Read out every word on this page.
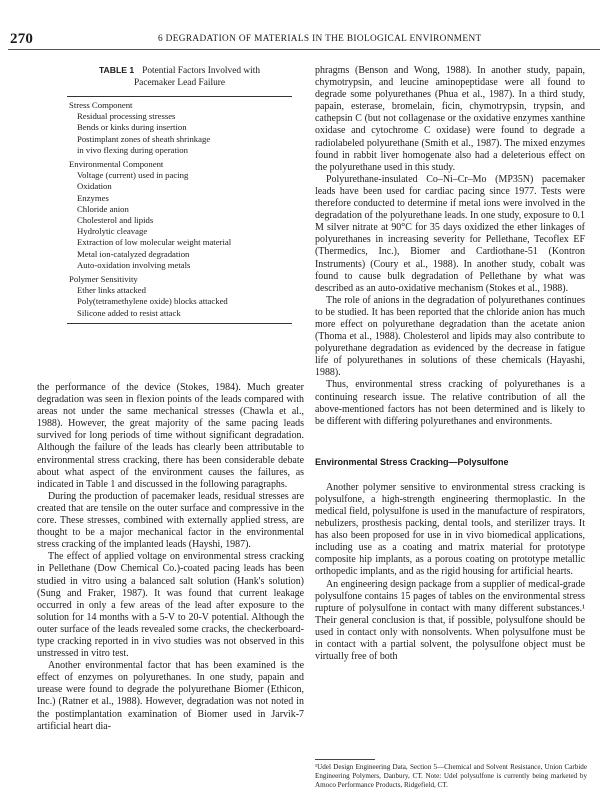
270	6 DEGRADATION OF MATERIALS IN THE BIOLOGICAL ENVIRONMENT
TABLE 1 Potential Factors Involved with
Pacemaker Lead Failure
Stress Component
Residual processing stresses
Bends or kinks during insertion
Postimplant zones of sheath shrinkage
in vivo flexing during operation
Environmental Component
Voltage (current) used in pacing
Oxidation
Enzymes
Chloride anion
Cholesterol and lipids
Hydrolytic cleavage
Extraction of low molecular weight material
Metal ion-catalyzed degradation
Auto-oxidation involving metals
Polymer Sensitivity
Ether links attacked
Poly(tetramethylene oxide) blocks attacked
Silicone added to resist attack

the performance of the device (Stokes, 1984). Much greater degradation was seen in flexion points of the leads compared with areas not under the same mechanical stresses (Chawla et al., 1988). However, the great majority of the same pacing leads survived for long periods of time without significant degradation. Although the failure of the leads has clearly been attributable to environmental stress cracking, there has been considerable debate about what aspect of the environment causes the failures, as indicated in Table 1 and discussed in the following paragraphs.

During the production of pacemaker leads, residual stresses are created that are tensile on the outer surface and compressive in the core. These stresses, combined with externally applied stress, are thought to be a major mechanical factor in the environmental stress cracking of the implanted leads (Hayshi, 1987).

The effect of applied voltage on environmental stress cracking in Pellethane (Dow Chemical Co.)-coated pacing leads has been studied in vitro using a balanced salt solution (Hank's solution) (Sung and Fraker, 1987). It was found that current leakage occurred in only a few areas of the lead after exposure to the solution for 14 months with a 5-V to 20-V potential. Although the outer surface of the leads revealed some cracks, the checkerboard-type cracking reported in in vivo studies was not observed in this unstressed in vitro test.

Another environmental factor that has been examined is the effect of enzymes on polyurethanes. In one study, papain and urease were found to degrade the polyurethane Biomer (Ethicon, Inc.) (Ratner et al., 1988). However, degradation was not noted in the postimplantation examination of Biomer used in Jarvik-7 artificial heart dia-

phragms (Benson and Wong, 1988). In another study, papain, chymotrypsin, and leucine aminopeptidase were all found to degrade some polyurethanes (Phua et al., 1987). In a third study, papain, esterase, bromelain, ficin, chymotrypsin, trypsin, and cathepsin C (but not collagenase or the oxidative enzymes xanthine oxidase and cytochrome C oxidase) were found to degrade a radiolabeled polyurethane (Smith et al., 1987). The mixed enzymes found in rabbit liver homogenate also had a deleterious effect on the polyurethane used in this study.

Polyurethane-insulated Co–Ni–Cr–Mo (MP35N) pacemaker leads have been used for cardiac pacing since 1977. Tests were therefore conducted to determine if metal ions were involved in the degradation of the polyurethane leads. In one study, exposure to 0.1 M silver nitrate at 90°C for 35 days oxidized the ether linkages of polyurethanes in increasing severity for Pellethane, Tecoflex EF (Thermedics, Inc.), Biomer and Cardiothane-51 (Kontron Instruments) (Coury et al., 1988). In another study, cobalt was found to cause bulk degradation of Pellethane by what was described as an auto-oxidative mechanism (Stokes et al., 1988).

The role of anions in the degradation of polyurethanes continues to be studied. It has been reported that the chloride anion has much more effect on polyurethane degradation than the acetate anion (Thoma et al., 1988). Cholesterol and lipids may also contribute to polyurethane degradation as evidenced by the decrease in fatigue life of polyurethanes in solutions of these chemicals (Hayashi, 1988).

Thus, environmental stress cracking of polyurethanes is a continuing research issue. The relative contribution of all the above-mentioned factors has not been determined and is likely to be different with differing polyurethanes and environments.

Environmental Stress Cracking—Polysulfone

Another polymer sensitive to environmental stress cracking is polysulfone, a high-strength engineering thermoplastic. In the medical field, polysulfone is used in the manufacture of respirators, nebulizers, prosthesis packing, dental tools, and sterilizer trays. It has also been proposed for use in in vivo biomedical applications, including use as a coating and matrix material for prototype composite hip implants, as a porous coating on prototype metallic orthopedic implants, and as the rigid housing for artificial hearts.

An engineering design package from a supplier of medical-grade polysulfone contains 15 pages of tables on the environmental stress rupture of polysulfone in contact with many different substances.¹ Their general conclusion is that, if possible, polysulfone should be used in contact only with nonsolvents. When polysulfone must be in contact with a partial solvent, the polysulfone object must be virtually free of both

¹Udel Design Engineering Data, Section 5—Chemical and Solvent Resistance, Union Carbide Engineering Polymers, Danbury, CT. Note: Udel polysulfone is currently being marketed by Amoco Performance Products, Ridgefield, CT.
